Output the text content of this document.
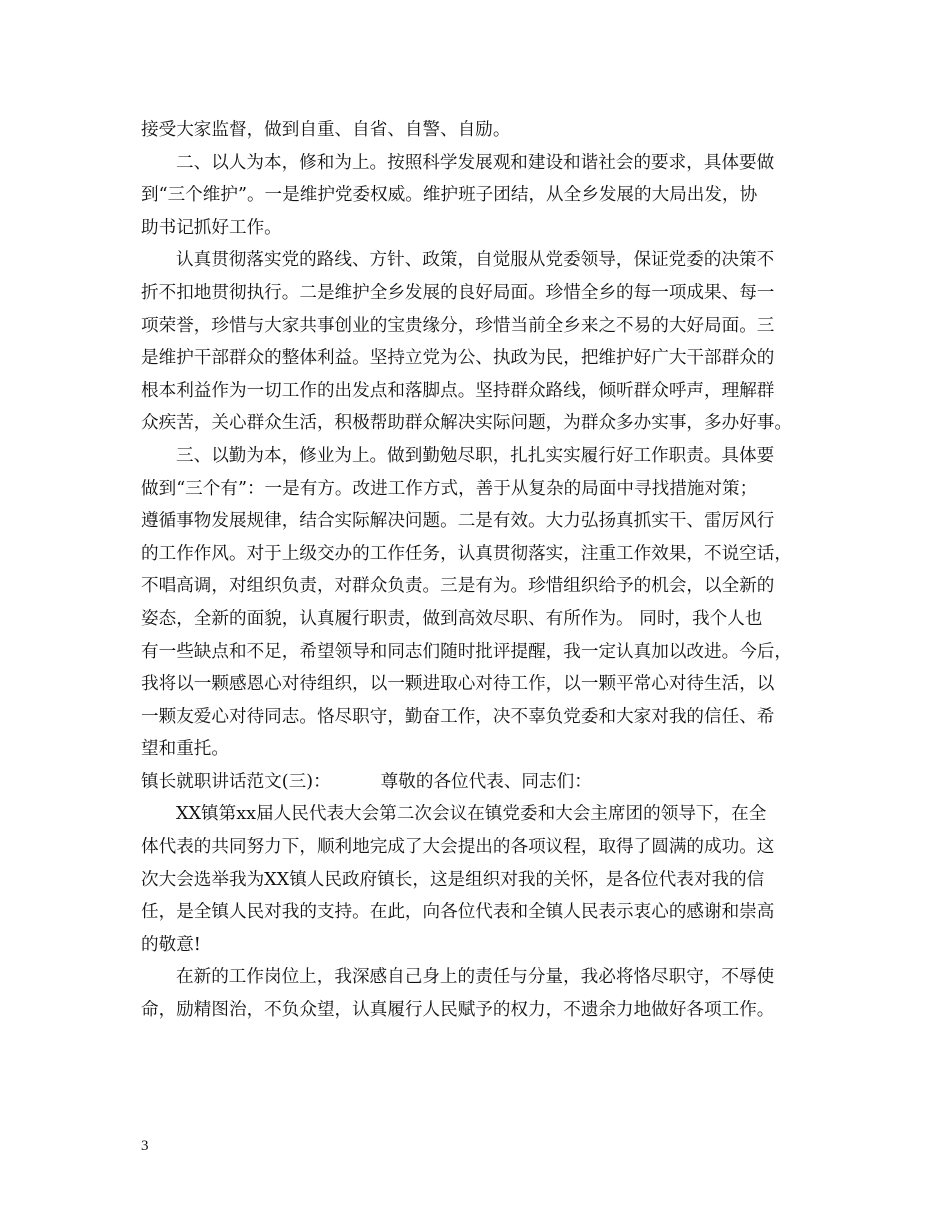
接受大家监督，做到自重、自省、自警、自励。
二、以人为本，修和为上。按照科学发展观和建设和谐社会的要求，具体要做
到“三个维护”。一是维护党委权威。维护班子团结，从全乡发展的大局出发，协
助书记抓好工作。
认真贯彻落实党的路线、方针、政策，自觉服从党委领导，保证党委的决策不
折不扣地贯彻执行。二是维护全乡发展的良好局面。珍惜全乡的每一项成果、每一
项荣誉，珍惜与大家共事创业的宝贵缘分，珍惜当前全乡来之不易的大好局面。三
是维护干部群众的整体利益。坚持立党为公、执政为民，把维护好广大干部群众的
根本利益作为一切工作的出发点和落脚点。坚持群众路线，倾听群众呼声，理解群
众疾苦，关心群众生活，积极帮助群众解决实际问题，为群众多办实事，多办好事。
三、以勤为本，修业为上。做到勤勉尽职，扎扎实实履行好工作职责。具体要
做到“三个有”：一是有方。改进工作方式，善于从复杂的局面中寻找措施对策；
遵循事物发展规律，结合实际解决问题。二是有效。大力弘扬真抓实干、雷厉风行
的工作作风。对于上级交办的工作任务，认真贯彻落实，注重工作效果，不说空话，
不唱高调，对组织负责，对群众负责。三是有为。珍惜组织给予的机会，以全新的
姿态，全新的面貌，认真履行职责，做到高效尽职、有所作为。 同时，我个人也
有一些缺点和不足，希望领导和同志们随时批评提醒，我一定认真加以改进。今后，
我将以一颗感恩心对待组织，以一颗进取心对待工作，以一颗平常心对待生活，以
一颗友爱心对待同志。恪尽职守，勤奋工作，决不辜负党委和大家对我的信任、希
望和重托。
镇长就职讲话范文(三)：	尊敬的各位代表、同志们：
XX镇第xx届人民代表大会第二次会议在镇党委和大会主席团的领导下，在全
体代表的共同努力下，顺利地完成了大会提出的各项议程，取得了圆满的成功。这
次大会选举我为XX镇人民政府镇长，这是组织对我的关怀，是各位代表对我的信
任，是全镇人民对我的支持。在此，向各位代表和全镇人民表示衷心的感谢和崇高
的敬意!
在新的工作岗位上，我深感自己身上的责任与分量，我必将恪尽职守，不辱使
命，励精图治，不负众望，认真履行人民赋予的权力，不遗余力地做好各项工作。
3
